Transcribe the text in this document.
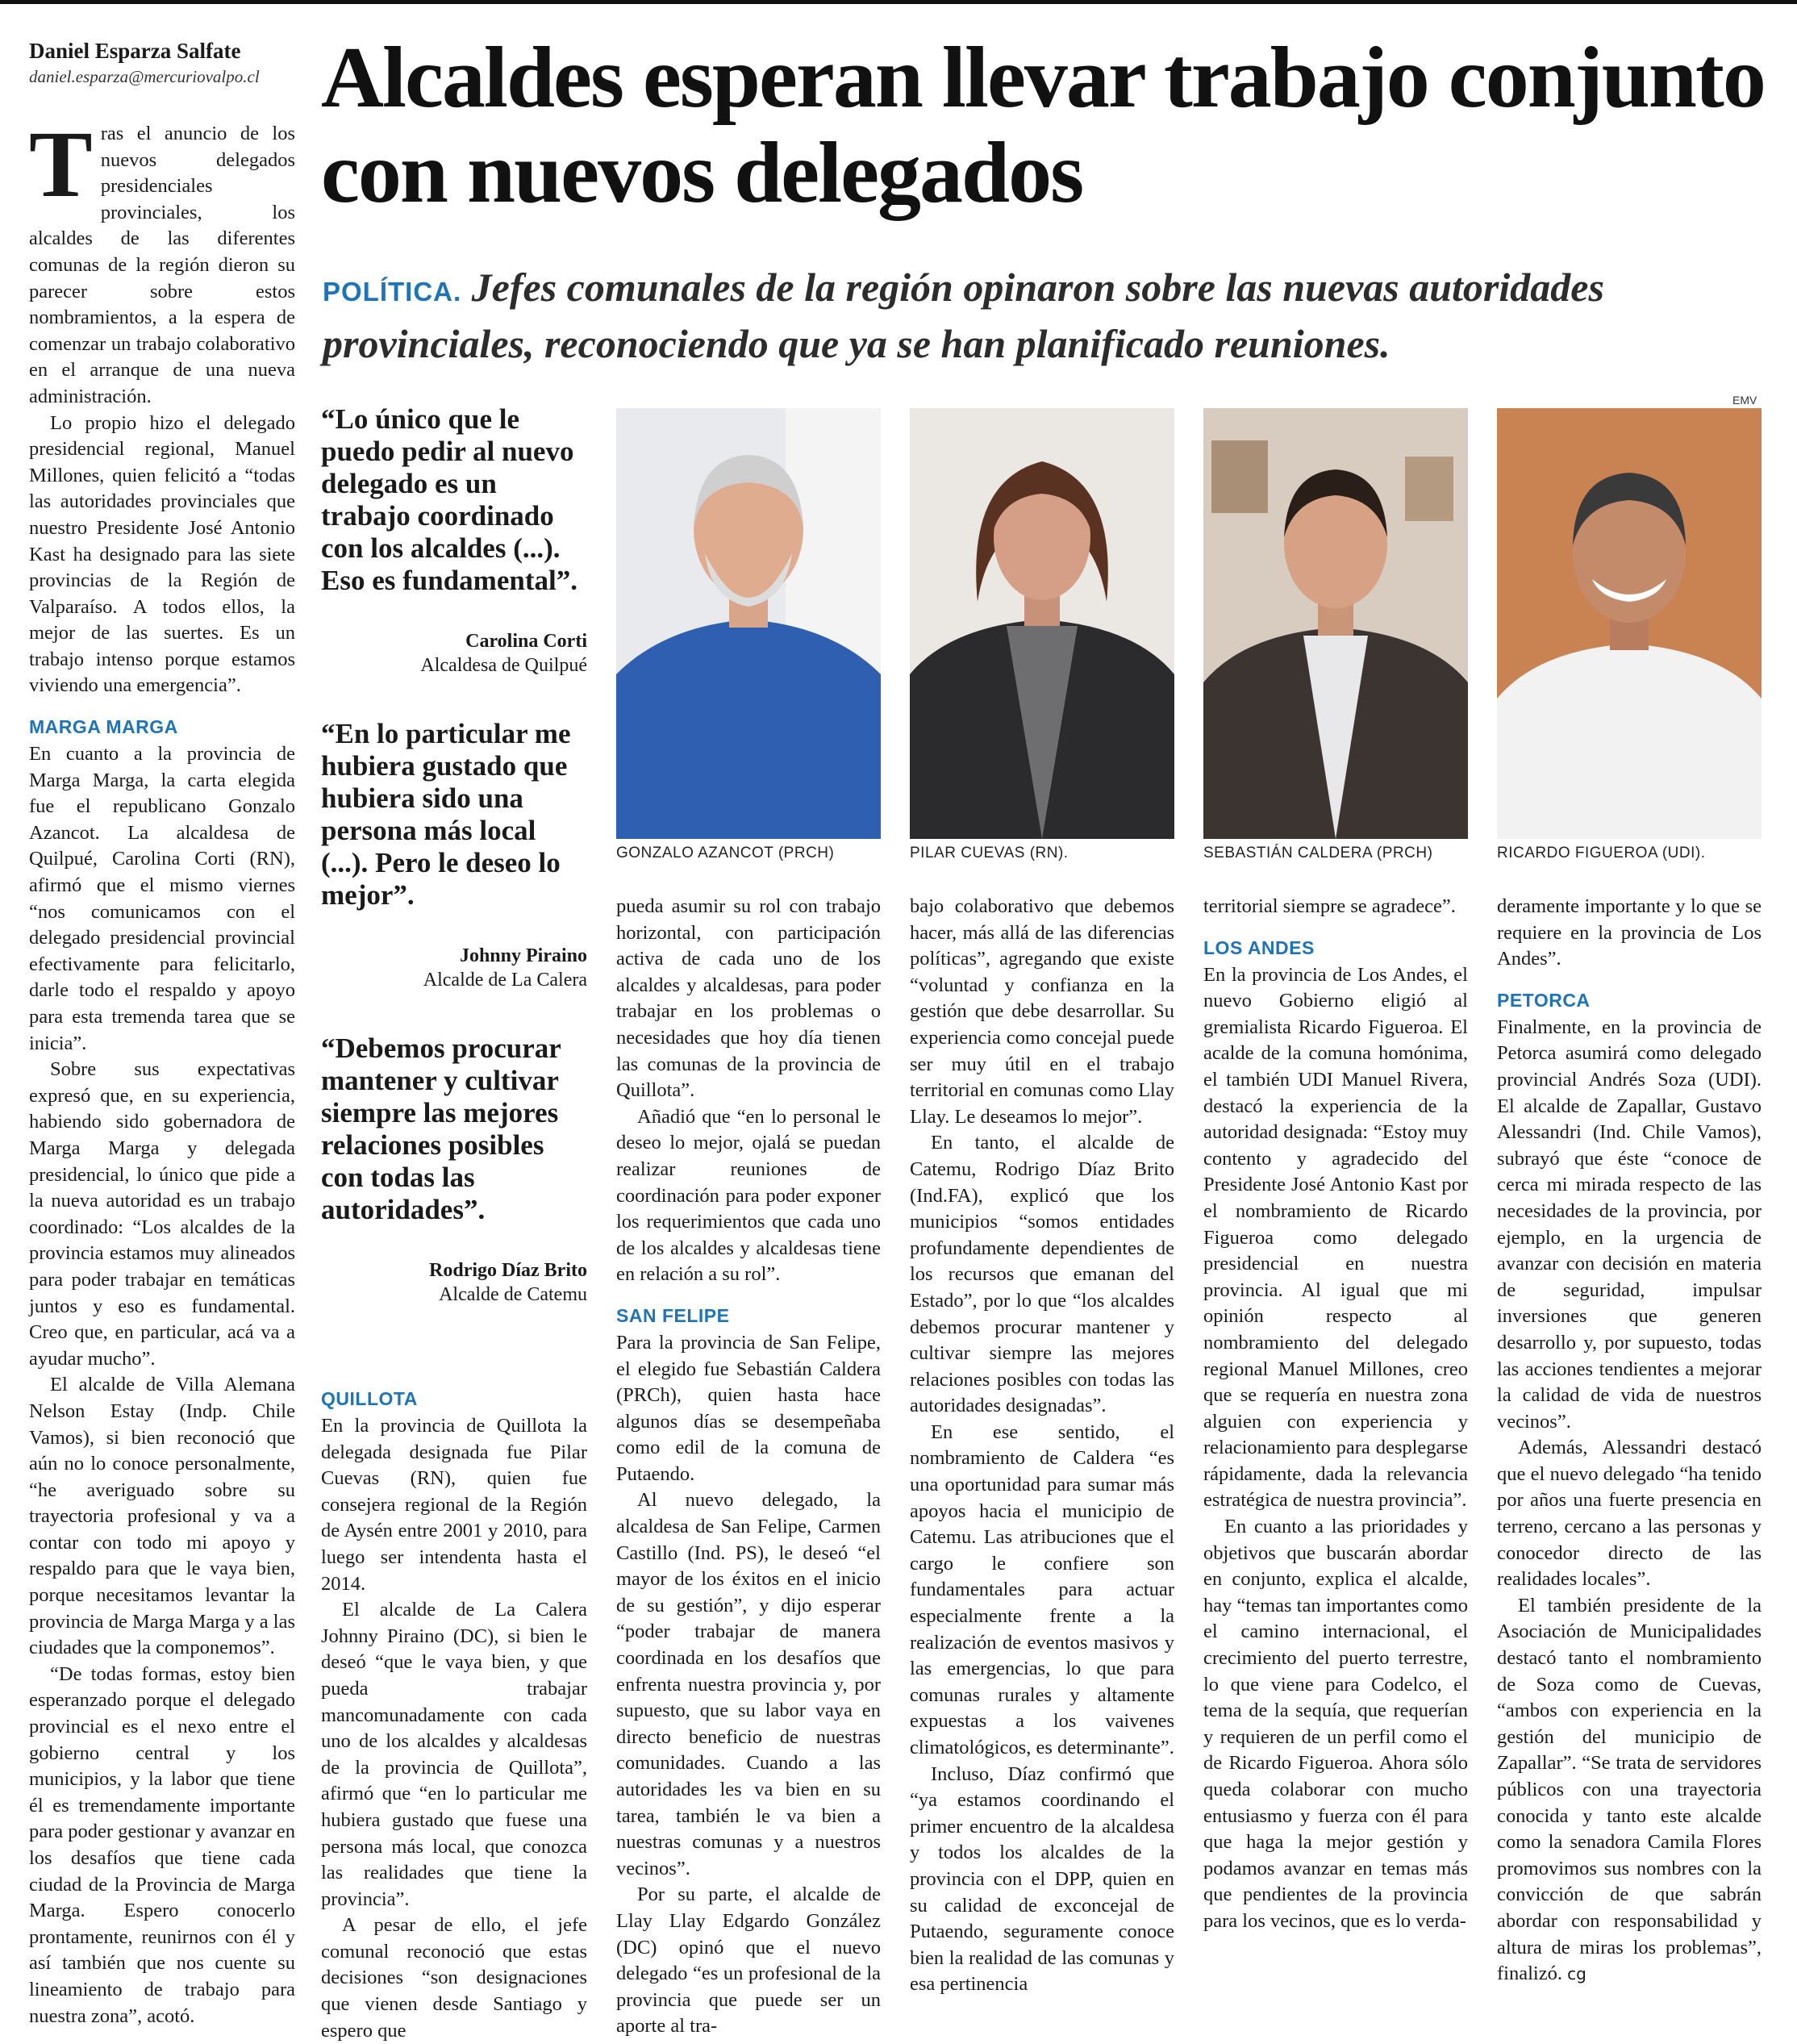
Daniel Esparza Salfate
daniel.esparza@mercuriovalpo.cl Alcaldes esperan llevar trabajo conjunto con nuevos delegados

POLÍTICA. Jefes comunales de la región opinaron sobre las nuevas autoridades provinciales, reconociendo que ya se han planificado reuniones.

Tras el anuncio de los nuevos delegados presidenciales provinciales, los alcaldes de las diferentes comunas de la región dieron su parecer sobre estos nombramientos, a la espera de comenzar un trabajo colaborativo en el arranque de una nueva administración.

Lo propio hizo el delegado presidencial regional, Manuel Millones, quien felicitó a “todas las autoridades provinciales que nuestro Presidente José Antonio Kast ha designado para las siete provincias de la Región de Valparaíso. A todos ellos, la mejor de las suertes. Es un trabajo intenso porque estamos viviendo una emergencia”.

MARGA MARGA

En cuanto a la provincia de Marga Marga, la carta elegida fue el republicano Gonzalo Azancot. La alcaldesa de Quilpué, Carolina Corti (RN), afirmó que el mismo viernes “nos comunicamos con el delegado presidencial provincial efectivamente para felicitarlo, darle todo el respaldo y apoyo para esta tremenda tarea que se inicia”.

Sobre sus expectativas expresó que, en su experiencia, habiendo sido gobernadora de Marga Marga y delegada presidencial, lo único que pide a la nueva autoridad es un trabajo coordinado: “Los alcaldes de la provincia estamos muy alineados para poder trabajar en temáticas juntos y eso es fundamental. Creo que, en particular, acá va a ayudar mucho”.

El alcalde de Villa Alemana Nelson Estay (Indp. Chile Vamos), si bien reconoció que aún no lo conoce personalmente, “he averiguado sobre su trayectoria profesional y va a contar con todo mi apoyo y respaldo para que le vaya bien, porque necesitamos levantar la provincia de Marga Marga y a las ciudades que la componemos”.

“De todas formas, estoy bien esperanzado porque el delegado provincial es el nexo entre el gobierno central y los municipios, y la labor que tiene él es tremendamente importante para poder gestionar y avanzar en los desafíos que tiene cada ciudad de la Provincia de Marga Marga. Espero conocerlo prontamente, reunirnos con él y así también que nos cuente su lineamiento de trabajo para nuestra zona”, acotó.

“Lo único que le puedo pedir al nuevo delegado es un trabajo coordinado con los alcaldes (...). Eso es fundamental”.

Carolina Corti
Alcaldesa de Quilpué

“En lo particular me hubiera gustado que hubiera sido una persona más local (...). Pero le deseo lo mejor”.

Johnny Piraino
Alcalde de La Calera

“Debemos procurar mantener y cultivar siempre las mejores relaciones posibles con todas las autoridades”.

Rodrigo Díaz Brito
Alcalde de Catemu
QUILLOTA

En la provincia de Quillota la delegada designada fue Pilar Cuevas (RN), quien fue consejera regional de la Región de Aysén entre 2001 y 2010, para luego ser intendenta hasta el 2014.

El alcalde de La Calera Johnny Piraino (DC), si bien le deseó “que le vaya bien, y que pueda trabajar mancomunadamente con cada uno de los alcaldes y alcaldesas de la provincia de Quillota”, afirmó que “en lo particular me hubiera gustado que fuese una persona más local, que conozca las realidades que tiene la provincia”.

A pesar de ello, el jefe comunal reconoció que estas decisiones “son designaciones que vienen desde Santiago y espero que

EMV
GONZALO AZANCOT (PRCH)	PILAR CUEVAS (RN).	SEBASTIÁN CALDERA (PRCH)	RICARDO FIGUEROA (UDI).

pueda asumir su rol con trabajo horizontal, con participación activa de cada uno de los alcaldes y alcaldesas, para poder trabajar en los problemas o necesidades que hoy día tienen las comunas de la provincia de Quillota”.

Añadió que “en lo personal le deseo lo mejor, ojalá se puedan realizar reuniones de coordinación para poder exponer los requerimientos que cada uno de los alcaldes y alcaldesas tiene en relación a su rol”.

SAN FELIPE

Para la provincia de San Felipe, el elegido fue Sebastián Caldera (PRCh), quien hasta hace algunos días se desempeñaba como edil de la comuna de Putaendo.

Al nuevo delegado, la alcaldesa de San Felipe, Carmen Castillo (Ind. PS), le deseó “el mayor de los éxitos en el inicio de su gestión”, y dijo esperar “poder trabajar de manera coordinada en los desafíos que enfrenta nuestra provincia y, por supuesto, que su labor vaya en directo beneficio de nuestras comunidades. Cuando a las autoridades les va bien en su tarea, también le va bien a nuestras comunas y a nuestros vecinos”.

Por su parte, el alcalde de Llay Llay Edgardo González (DC) opinó que el nuevo delegado “es un profesional de la provincia que puede ser un aporte al tra-

bajo colaborativo que debemos hacer, más allá de las diferencias políticas”, agregando que existe “voluntad y confianza en la gestión que debe desarrollar. Su experiencia como concejal puede ser muy útil en el trabajo territorial en comunas como Llay Llay. Le deseamos lo mejor”.

En tanto, el alcalde de Catemu, Rodrigo Díaz Brito (Ind.FA), explicó que los municipios “somos entidades profundamente dependientes de los recursos que emanan del Estado”, por lo que “los alcaldes debemos procurar mantener y cultivar siempre las mejores relaciones posibles con todas las autoridades designadas”.

En ese sentido, el nombramiento de Caldera “es una oportunidad para sumar más apoyos hacia el municipio de Catemu. Las atribuciones que el cargo le confiere son fundamentales para actuar especialmente frente a la realización de eventos masivos y las emergencias, lo que para comunas rurales y altamente expuestas a los vaivenes climatológicos, es determinante”.

Incluso, Díaz confirmó que “ya estamos coordinando el primer encuentro de la alcaldesa y todos los alcaldes de la provincia con el DPP, quien en su calidad de exconcejal de Putaendo, seguramente conoce bien la realidad de las comunas y esa pertinencia

territorial siempre se agradece”.

LOS ANDES

En la provincia de Los Andes, el nuevo Gobierno eligió al gremialista Ricardo Figueroa. El acalde de la comuna homónima, el también UDI Manuel Rivera, destacó la experiencia de la autoridad designada: “Estoy muy contento y agradecido del Presidente José Antonio Kast por el nombramiento de Ricardo Figueroa como delegado presidencial en nuestra provincia. Al igual que mi opinión respecto al nombramiento del delegado regional Manuel Millones, creo que se requería en nuestra zona alguien con experiencia y relacionamiento para desplegarse rápidamente, dada la relevancia estratégica de nuestra provincia”.

En cuanto a las prioridades y objetivos que buscarán abordar en conjunto, explica el alcalde, hay “temas tan importantes como el camino internacional, el crecimiento del puerto terrestre, lo que viene para Codelco, el tema de la sequía, que requerían y requieren de un perfil como el de Ricardo Figueroa. Ahora sólo queda colaborar con mucho entusiasmo y fuerza con él para que haga la mejor gestión y podamos avanzar en temas más que pendientes de la provincia para los vecinos, que es lo verda-

deramente importante y lo que se requiere en la provincia de Los Andes”.

PETORCA

Finalmente, en la provincia de Petorca asumirá como delegado provincial Andrés Soza (UDI). El alcalde de Zapallar, Gustavo Alessandri (Ind. Chile Vamos), subrayó que éste “conoce de cerca mi mirada respecto de las necesidades de la provincia, por ejemplo, en la urgencia de avanzar con decisión en materia de seguridad, impulsar inversiones que generen desarrollo y, por supuesto, todas las acciones tendientes a mejorar la calidad de vida de nuestros vecinos”.

Además, Alessandri destacó que el nuevo delegado “ha tenido por años una fuerte presencia en terreno, cercano a las personas y conocedor directo de las realidades locales”.

El también presidente de la Asociación de Municipalidades destacó tanto el nombramiento de Soza como de Cuevas, “ambos con experiencia en la gestión del municipio de Zapallar”. “Se trata de servidores públicos con una trayectoria conocida y tanto este alcalde como la senadora Camila Flores promovimos sus nombres con la convicción de que sabrán abordar con responsabilidad y altura de miras los problemas”, finalizó. cg
